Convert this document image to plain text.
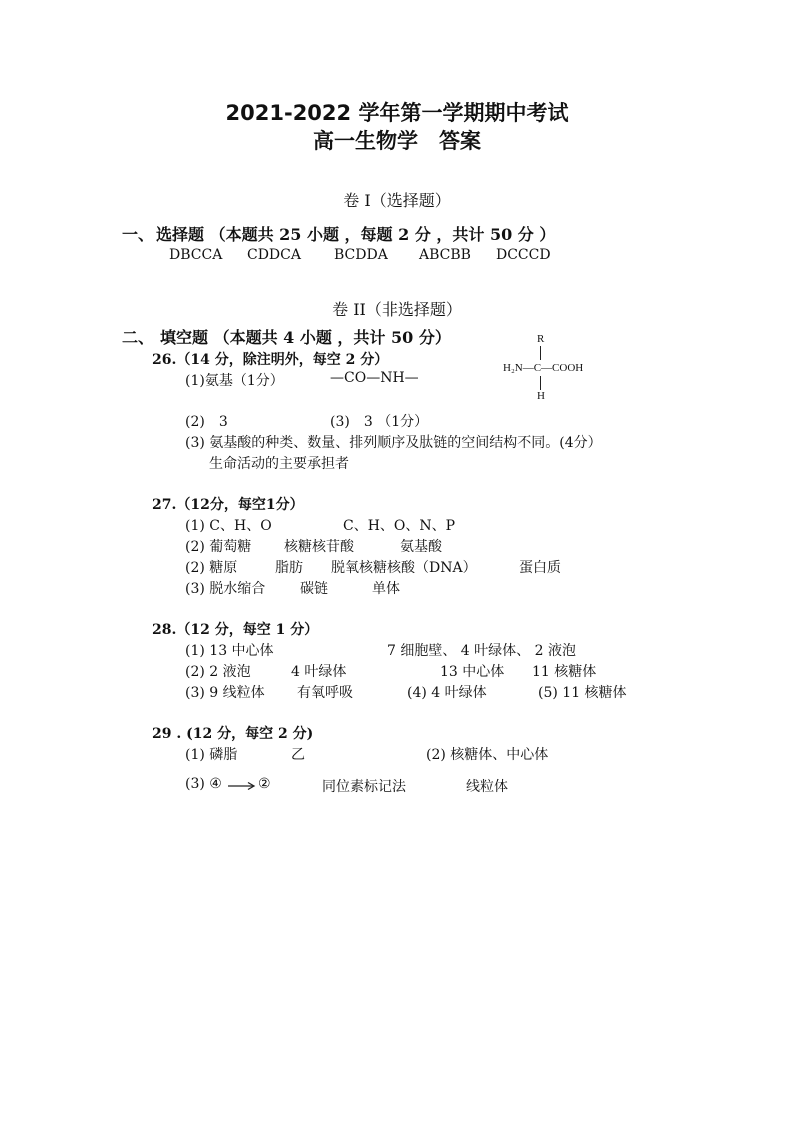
2021-2022 学年第一学期期中考试
高一生物学　答案
卷 I（选择题）
一、 选择题 （本题共 25 小题 ，每题 2 分 ，共计 50 分 ）
DBCCA CDDCA BCDDA ABCBB DCCCD
卷 II（非选择题）
二、 填空题 （本题共 4 小题 ，共计 50 分）
26.（14 分，除注明外，每空 2 分）
(1)氨基（1分）	—CO—NH—
(2)　3	(3)　3 （1分）
(3) 氨基酸的种类、数量、排列顺序及肽链的空间结构不同。(4分）
生命活动的主要承担者
R
H₂N—C—COOH
H
27.（12分，每空1分）
(1) C、H、O	C、H、O、N、P
(2) 葡萄糖 核糖核苷酸	氨基酸
(2) 糖原	脂肪 脱氧核糖核酸（DNA）	蛋白质
(3) 脱水缩合 碳链	单体
28.（12 分，每空 1 分）
(1) 13 中心体	7 细胞壁、 4 叶绿体、 2 液泡
(2) 2 液泡	4 叶绿体	13 中心体 11 核糖体
(3) 9 线粒体 有氧呼吸	(4) 4 叶绿体	(5) 11 核糖体
29 . (12 分，每空 2 分)
(1) 磷脂	乙	(2) 核糖体、中心体
(3) ④	②	同位素标记法	线粒体
